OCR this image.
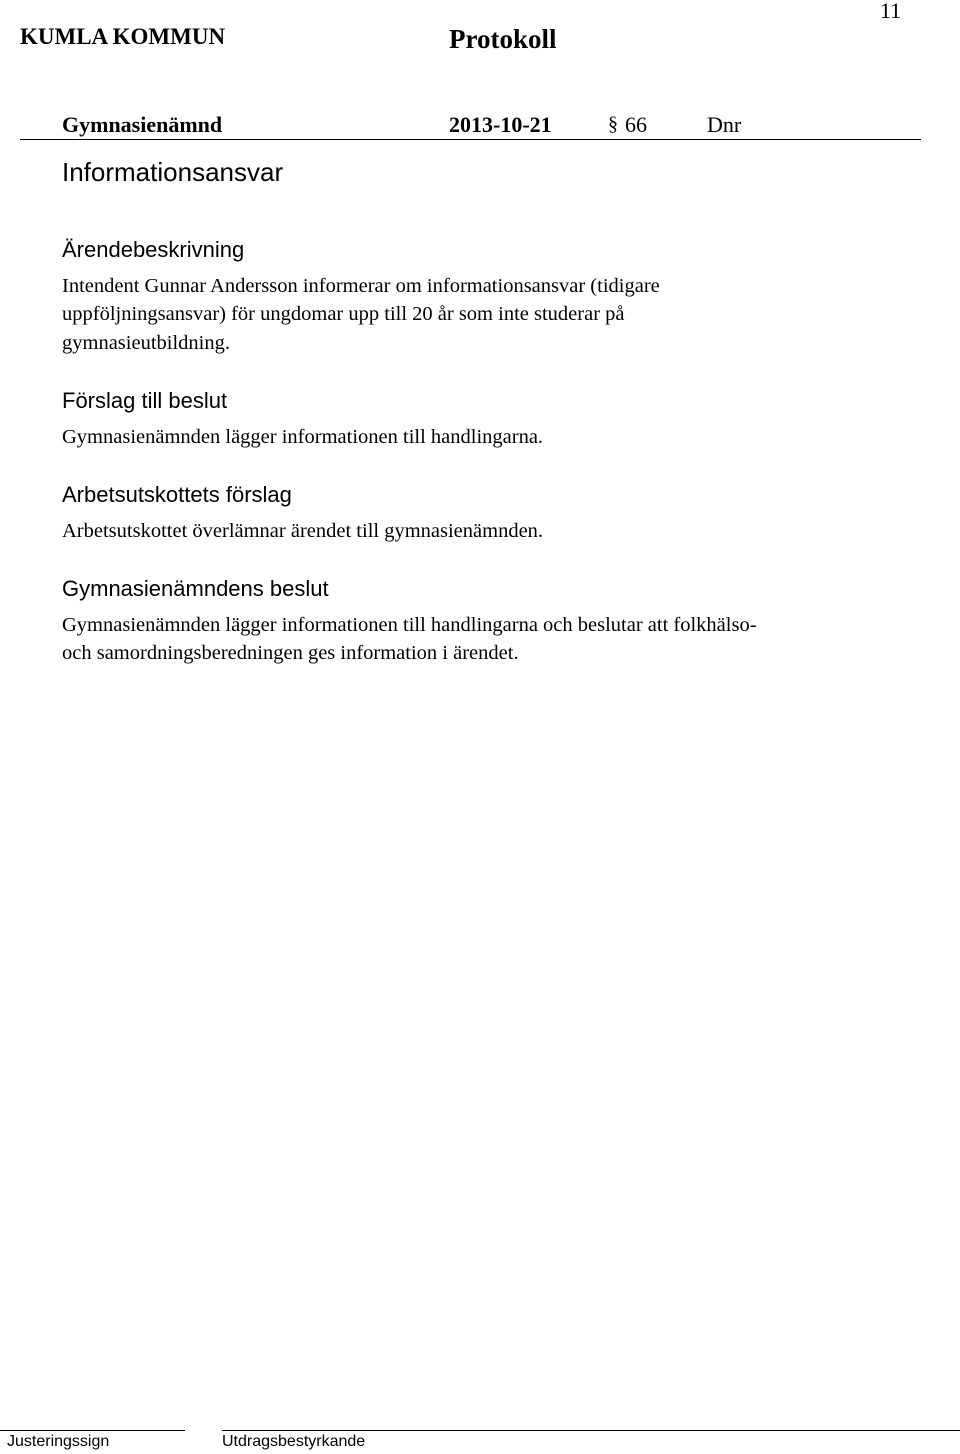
11
KUMLA KOMMUN	Protokoll
Gymnasienämnd	2013-10-21	§ 66	Dnr
Informationsansvar
Ärendebeskrivning
Intendent Gunnar Andersson informerar om informationsansvar (tidigare
uppföljningsansvar) för ungdomar upp till 20 år som inte studerar på
gymnasieutbildning.
Förslag till beslut
Gymnasienämnden lägger informationen till handlingarna.
Arbetsutskottets förslag
Arbetsutskottet överlämnar ärendet till gymnasienämnden.
Gymnasienämndens beslut
Gymnasienämnden lägger informationen till handlingarna och beslutar att folkhälso-
och samordningsberedningen ges information i ärendet.
Justeringssign	Utdragsbestyrkande
